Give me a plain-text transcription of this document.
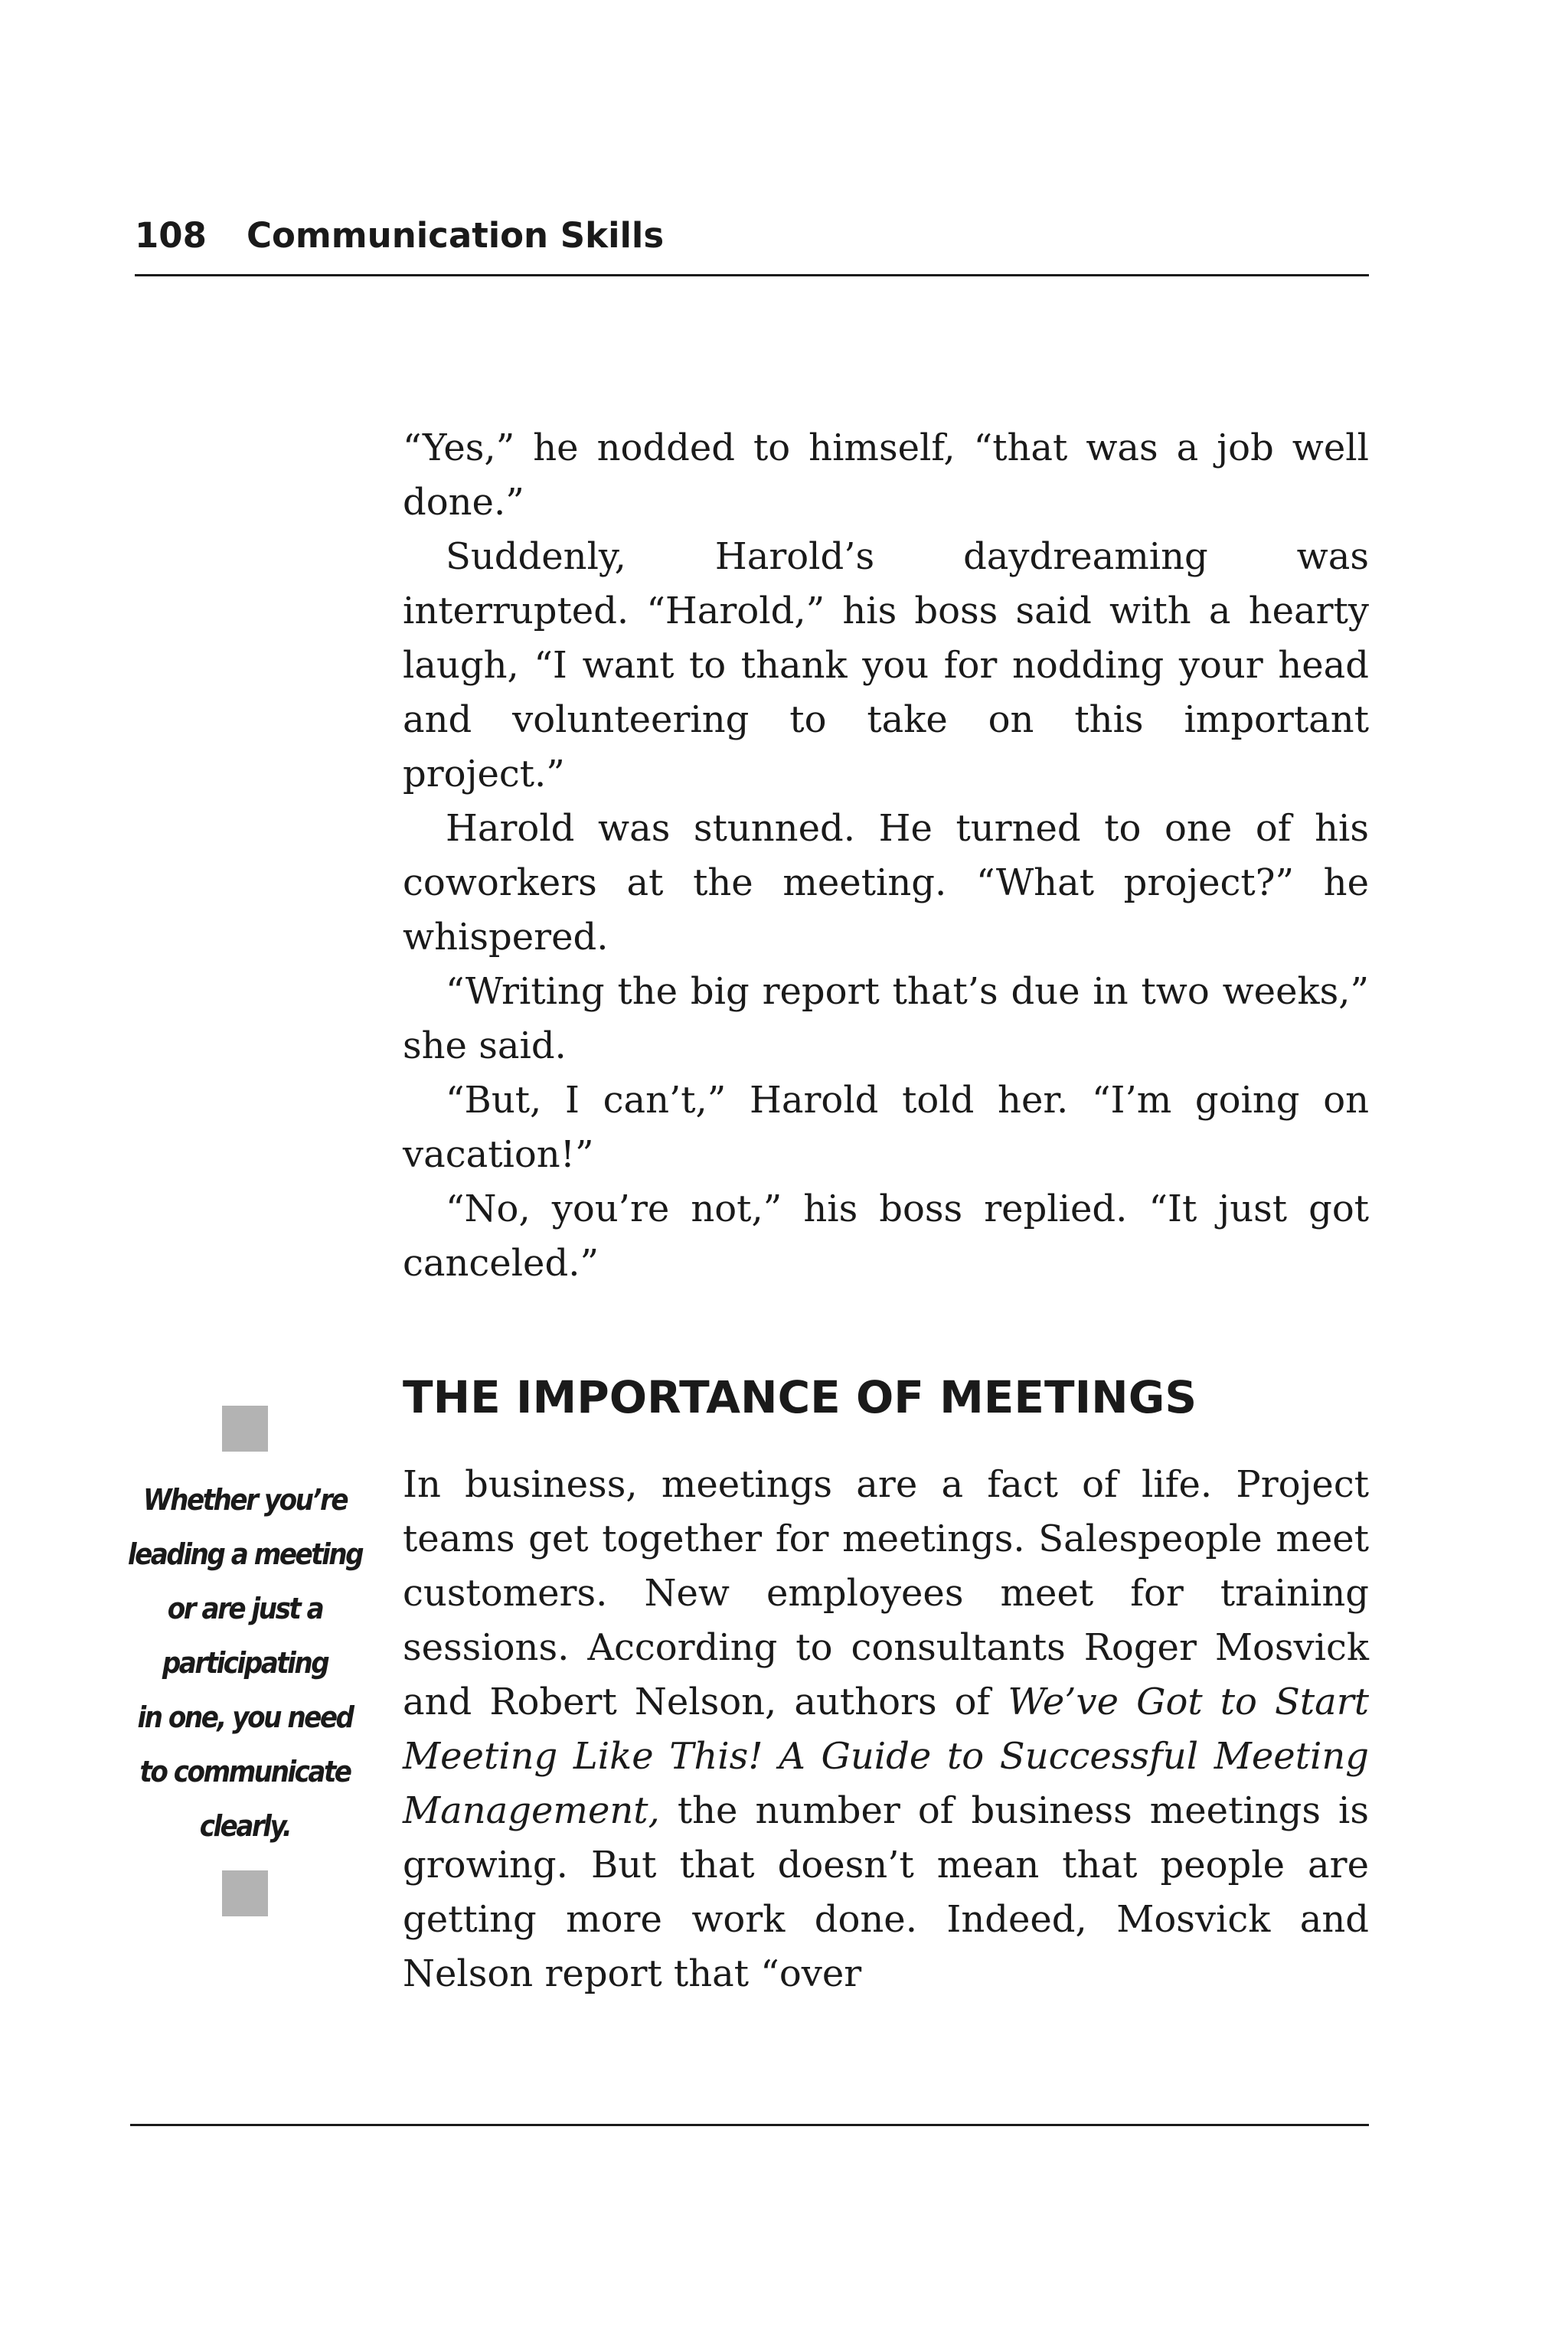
108 Communication Skills

“Yes,” he nodded to himself, “that was a job well done.”

Suddenly, Harold’s daydreaming was interrupted. “Harold,” his boss said with a hearty laugh, “I want to thank you for nodding your head and volunteering to take on this important project.”

Harold was stunned. He turned to one of his coworkers at the meeting. “What project?” he whispered.

“Writing the big report that’s due in two weeks,” she said.

“But, I can’t,” Harold told her. “I’m going on vacation!”

“No, you’re not,” his boss replied. “It just got canceled.”

THE IMPORTANCE OF MEETINGS

In business, meetings are a fact of life. Project teams get together for meetings. Salespeople meet customers. New employees meet for training sessions. According to consultants Roger Mosvick and Robert Nelson, authors of We’ve Got to Start Meeting Like This! A Guide to Successful Meeting Management, the number of business meetings is growing. But that doesn’t mean that people are getting more work done. Indeed, Mosvick and Nelson report that “over

Whether you’re
leading a meeting
or are just a
participating
in one, you need
to communicate
clearly.
